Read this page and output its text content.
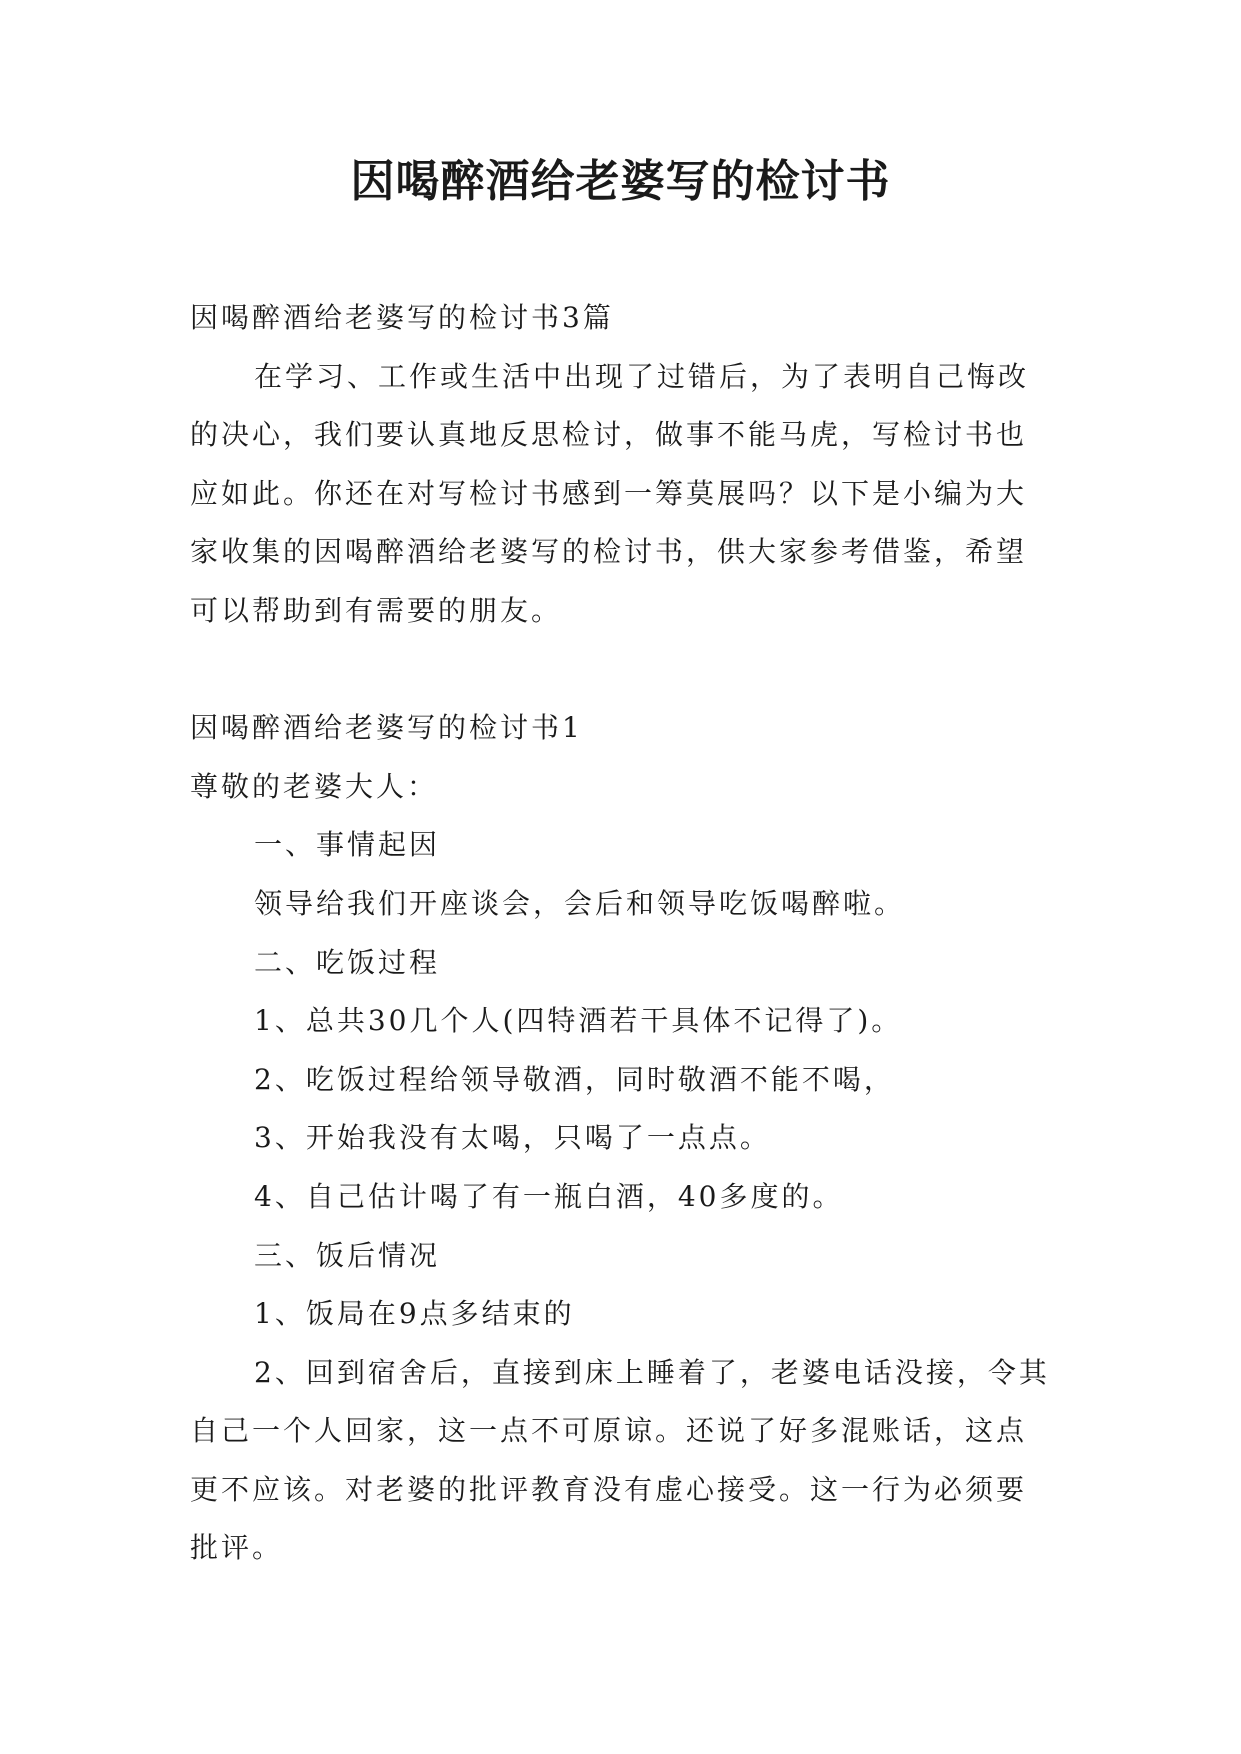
因喝醉酒给老婆写的检讨书

因喝醉酒给老婆写的检讨书3篇

在学习、工作或生活中出现了过错后，为了表明自己悔改的决心，我们要认真地反思检讨，做事不能马虎，写检讨书也应如此。你还在对写检讨书感到一筹莫展吗？以下是小编为大家收集的因喝醉酒给老婆写的检讨书，供大家参考借鉴，希望可以帮助到有需要的朋友。

因喝醉酒给老婆写的检讨书1

尊敬的老婆大人：

一、事情起因

领导给我们开座谈会，会后和领导吃饭喝醉啦。

二、吃饭过程

1、总共30几个人(四特酒若干具体不记得了)。

2、吃饭过程给领导敬酒，同时敬酒不能不喝，

3、开始我没有太喝，只喝了一点点。

4、自己估计喝了有一瓶白酒，40多度的。

三、饭后情况

1、饭局在9点多结束的

2、回到宿舍后，直接到床上睡着了，老婆电话没接，令其自己一个人回家，这一点不可原谅。还说了好多混账话，这点更不应该。对老婆的批评教育没有虚心接受。这一行为必须要批评。
